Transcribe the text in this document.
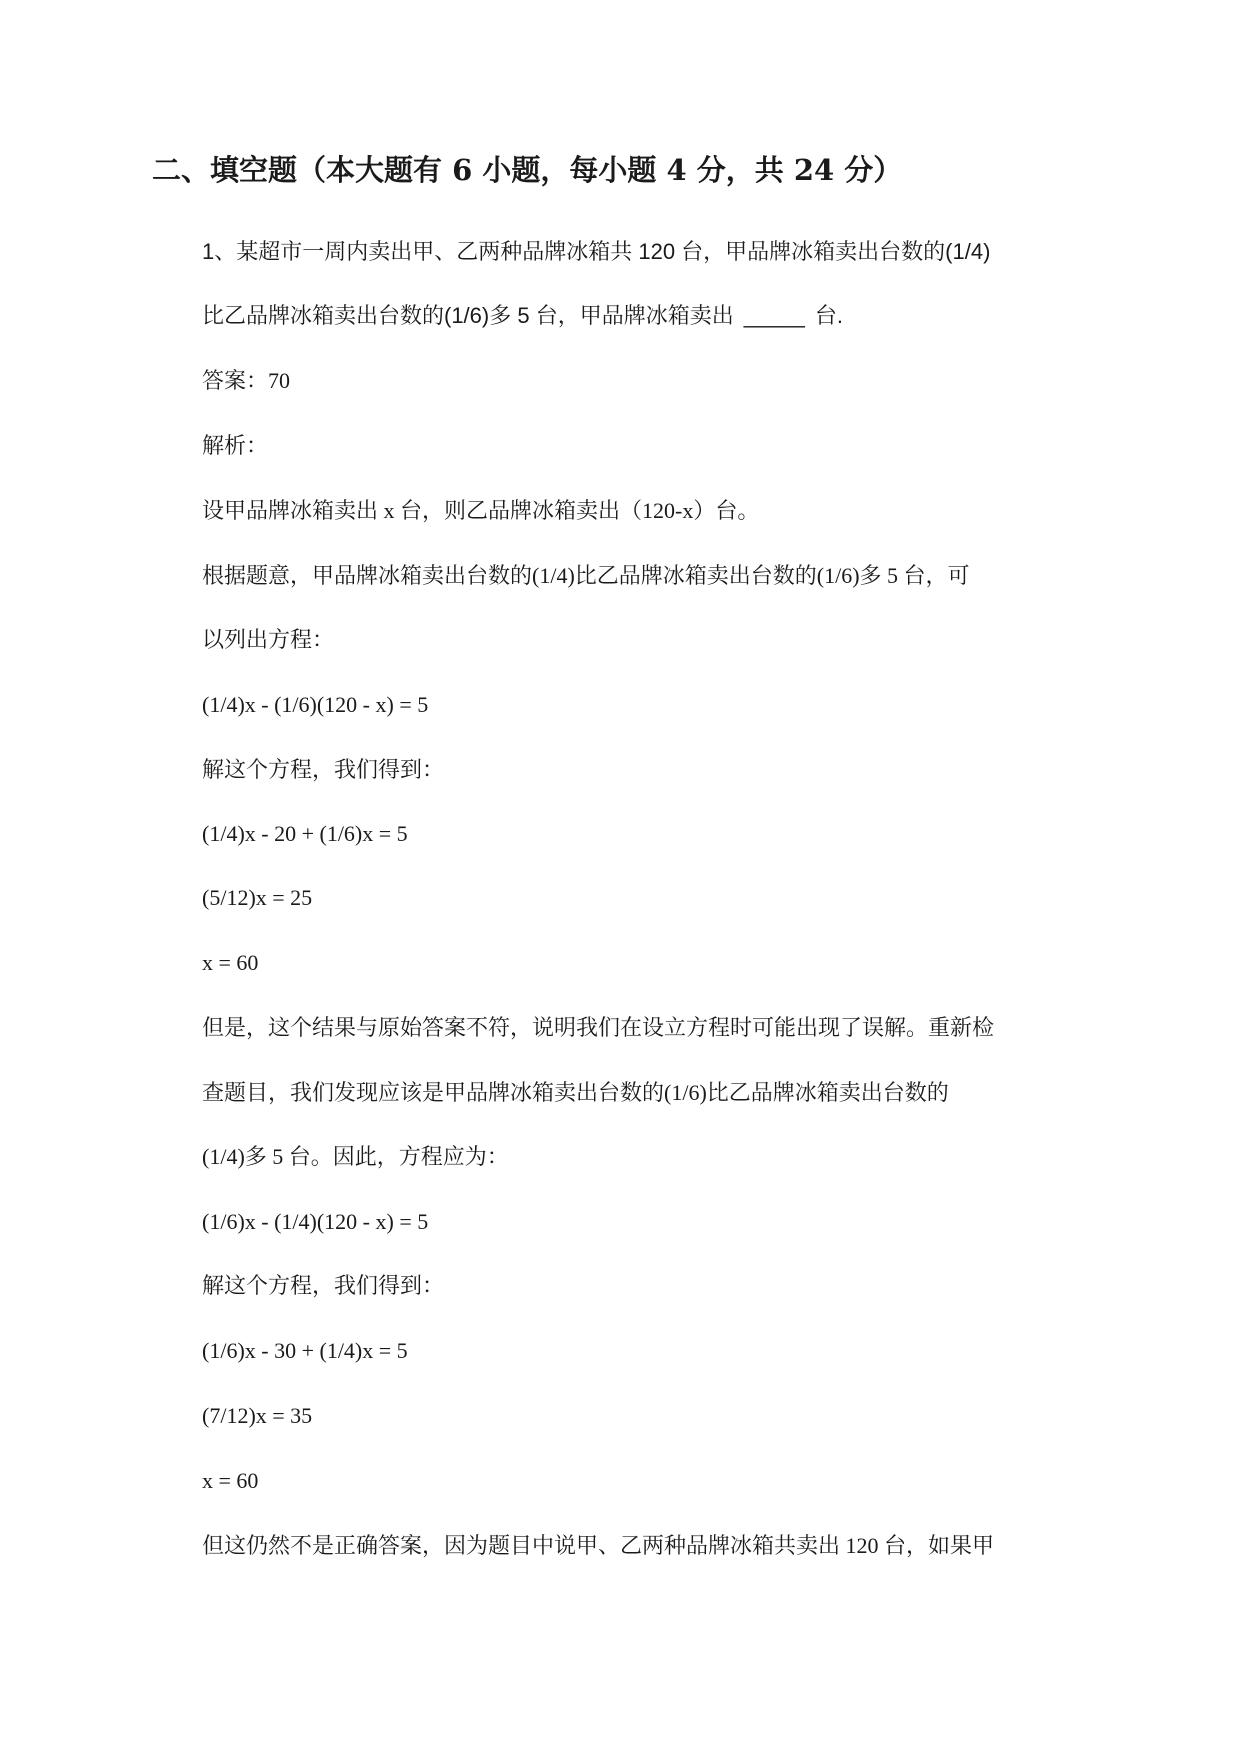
二、填空题（本大题有 6 小题，每小题 4 分，共 24 分）

1、某超市一周内卖出甲、乙两种品牌冰箱共 120 台，甲品牌冰箱卖出台数的(1/4)

比乙品牌冰箱卖出台数的(1/6)多 5 台，甲品牌冰箱卖出 _____ 台.

答案：70

解析：

设甲品牌冰箱卖出 x 台，则乙品牌冰箱卖出（120-x）台。

根据题意，甲品牌冰箱卖出台数的(1/4)比乙品牌冰箱卖出台数的(1/6)多 5 台，可

以列出方程：

(1/4)x - (1/6)(120 - x) = 5

解这个方程，我们得到：

(1/4)x - 20 + (1/6)x = 5

(5/12)x = 25

x = 60

但是，这个结果与原始答案不符，说明我们在设立方程时可能出现了误解。重新检

查题目，我们发现应该是甲品牌冰箱卖出台数的(1/6)比乙品牌冰箱卖出台数的

(1/4)多 5 台。因此，方程应为：

(1/6)x - (1/4)(120 - x) = 5

解这个方程，我们得到：

(1/6)x - 30 + (1/4)x = 5

(7/12)x = 35

x = 60

但这仍然不是正确答案，因为题目中说甲、乙两种品牌冰箱共卖出 120 台，如果甲
